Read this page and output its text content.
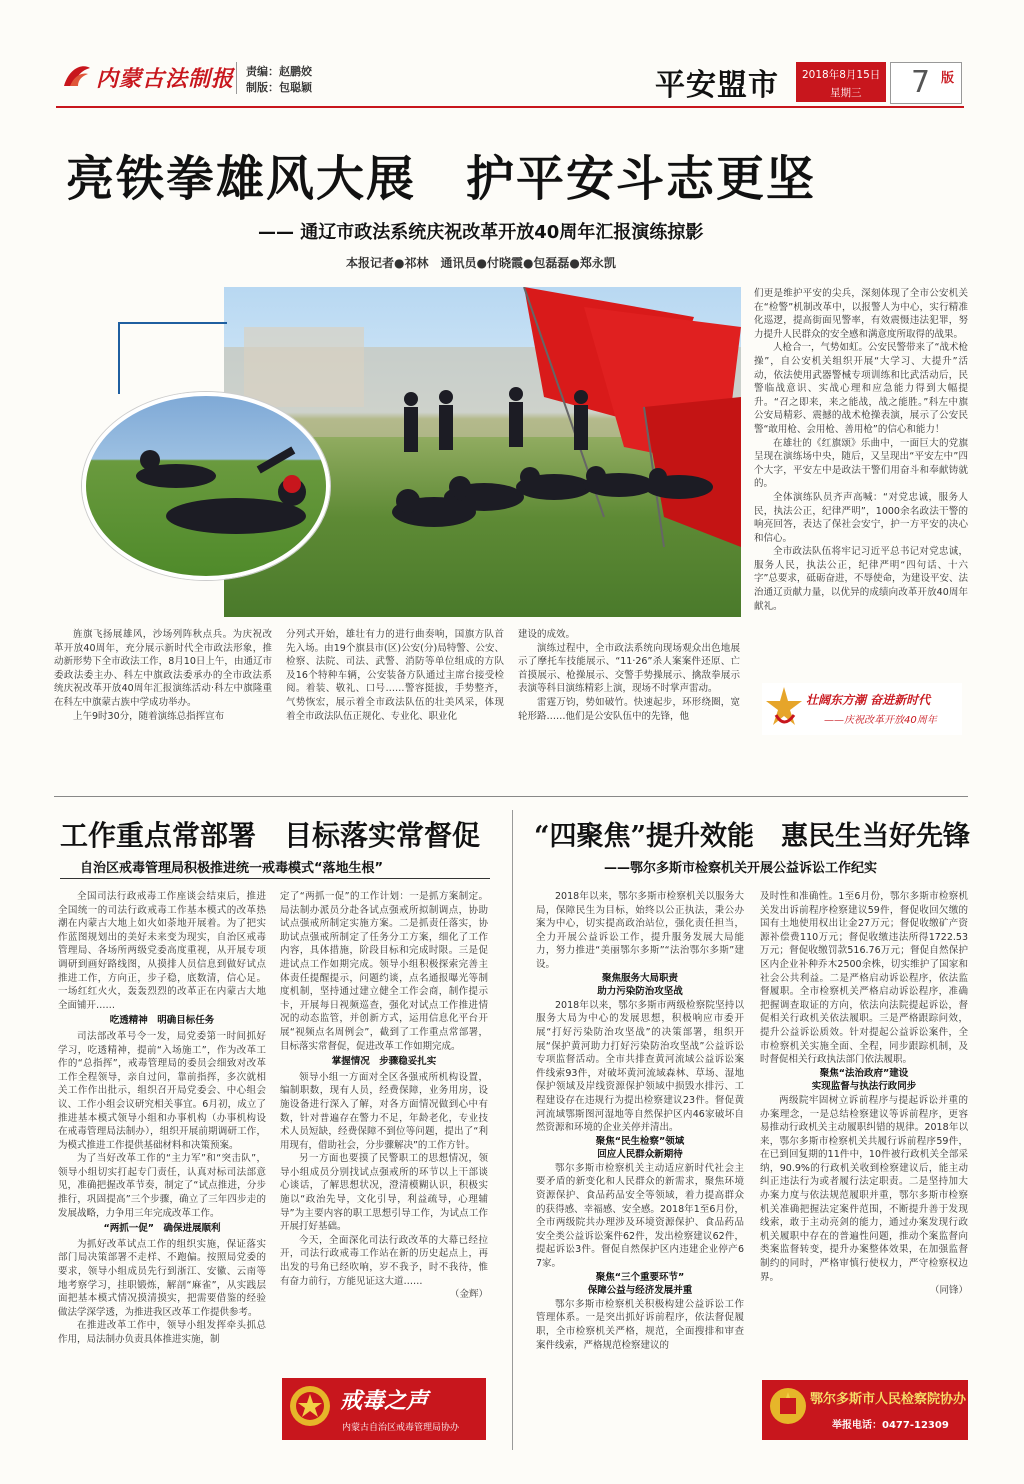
内蒙古法制报 责编：赵鹏姣
制版：包聪颖	平安盟市 2018年8月15日
星期三 7 版
亮铁拳雄风大展　护平安斗志更坚
—— 通辽市政法系统庆祝改革开放40周年汇报演练掠影
本报记者●祁林　通讯员●付晓霞●包磊磊●郑永凯

旌旗飞扬展雄风，沙场列阵秋点兵。为庆祝改革开放40周年，充分展示新时代全市政法形象，推动新形势下全市政法工作，8月10日上午，由通辽市委政法委主办、科左中旗政法委承办的全市政法系统庆祝改革开放40周年汇报演练活动·科左中旗隆重在科左中旗蒙古族中学成功举办。

上午9时30分，随着演练总指挥宣布

分列式开始，雄壮有力的进行曲奏响，国旗方队首先入场。由19个旗县市(区)公安(分)局特警、公安、检察、法院、司法、武警、消防等单位组成的方队及16个特种车辆，公安装备方队通过主席台接受检阅。着装、敬礼、口号……警容挺拔，手势整齐，气势恢宏，展示着全市政法队伍的壮美风采，体现着全市政法队伍正规化、专业化、职业化

建设的成效。

演练过程中，全市政法系统向现场观众出色地展示了摩托车技能展示、“11·26”杀人案案件还原、亡首摸展示、枪操展示、交警手势操展示、擒敌拳展示表演等科目演练精彩上演，现场不时掌声雷动。

雷霆万钧，势如破竹。快速起步，环形绕圈，宽轮形路……他们是公安队伍中的先锋，他

们更是维护平安的尖兵，深刻体现了全市公安机关在“检警”机制改革中，以报警人为中心，实行精准化巡逻，提高街面见警率，有效震慑违法犯罪，努力提升人民群众的安全感和满意度所取得的战果。

人枪合一，气势如虹。公安民警带来了“战术枪操”，自公安机关组织开展“大学习、大提升”活动，依法使用武器警械专项训练和比武活动后，民警临战意识、实战心理和应急能力得到大幅提升。“召之即来，来之能战，战之能胜。”科左中旗公安局精彩、震撼的战术枪操表演，展示了公安民警“敢用枪、会用枪、善用枪”的信心和能力！

在雄壮的《红旗颂》乐曲中，一面巨大的党旗呈现在演练场中央，随后，又呈现出“平安左中”四个大字，平安左中是政法干警们用奋斗和奉献铸就的。

全体演练队员齐声高喊：“对党忠诚，服务人民，执法公正，纪律严明”，1000余名政法干警的响亮回答，表达了保社会安宁，护一方平安的决心和信心。

全市政法队伍将牢记习近平总书记对党忠诚，服务人民，执法公正，纪律严明“四句话、十六字”总要求，砥砺奋进，不辱使命，为建设平安、法治通辽贡献力量，以优异的成绩向改革开放40周年献礼。

壮阔东方潮 奋进新时代
——庆祝改革开放40周年
工作重点常部署　目标落实常督促
自治区戒毒管理局积极推进统一戒毒模式“落地生根”

全国司法行政戒毒工作座谈会结束后，推进全国统一的司法行政戒毒工作基本模式的改革热潮在内蒙古大地上如火如荼地开展着。为了把实作蓝图规划出的美好未来变为现实，自治区戒毒管理局、各场所两级党委高度重视，从开展专项调研到画好路线图，从摸排人员信息到做好试点推进工作，方向正，步子稳，底数清，信心足。一场红红火火，轰轰烈烈的改革正在内蒙古大地全面铺开……

吃透精神　明确目标任务

司法部改革号令一发，局党委第一时间抓好学习，吃透精神，提前“入场施工”，作为改革工作的“总指挥”，戒毒管理局的委员会细致对改革工作全程领导，亲自过问，靠前指挥，多次就相关工作作出批示，组织召开局党委会、中心组会议、工作小组会议研究相关事宜。6月初，成立了推进基本模式领导小组和办事机构（办事机构设在戒毒管理局法制办），组织开展前期调研工作，为模式推进工作提供基础材料和决策预案。

为了当好改革工作的“主力军”和“突击队”，领导小组切实打起专门责任，认真对标司法部意见，准确把握改革节奏，制定了“试点推进，分步推行，巩固提高”三个步骤，确立了三年四步走的发展战略，力争用三年完成改革工作。

“两抓一促”　确保进展顺利

为抓好改革试点工作的组织实施，保证落实部门局决策部署不走样、不跑偏。按照局党委的要求，领导小组成员先行到浙江、安徽、云南等地考察学习，挂职锻炼，解剖“麻雀”，从实践层面把基本模式情况摸清摸实，把需要借鉴的经验做法学深学透，为推进我区改革工作提供参考。

在推进改革工作中，领导小组发挥牵头抓总作用，局法制办负责具体推进实施，制

定了“两抓一促”的工作计划：一是抓方案制定。局法制办派员分赴各试点强戒所拟制调点，协助试点强戒所制定实施方案。二是抓责任落实，协助试点强戒所制定了任务分工方案，细化了工作内容，具体措施，阶段目标和完成时限。三是促进试点工作如期完成。领导小组积极探索完善主体责任提醒提示，问题约谈，点名通报曝光等制度机制，坚持通过建立健全工作会商，制作提示卡，开展每日视频巡查，强化对试点工作推进情况的动态监管，并创新方式，运用信息化平台开展“视频点名周例会”，截到了工作重点常部署，目标落实常督促，促进改革工作如期完成。

掌握情况　步骤稳妥扎实

领导小组一方面对全区各强戒所机构设置，编制职数，现有人员，经费保障，业务用房，设施设备进行深入了解，对各方面情况做到心中有数，针对普遍存在警力不足，年龄老化，专业技术人员短缺，经费保障不到位等问题，提出了“利用现有，借助社会，分步骤解决”的工作方针。

另一方面也要摸了民警职工的思想情况，领导小组成员分别找试点强戒所的环节以上干部谈心谈话，了解思想状况，澄清模糊认识，积极实施以“政治先导，文化引导，利益疏导，心理辅导”为主要内容的职工思想引导工作，为试点工作开展打好基础。

今天，全面深化司法行政改革的大幕已经拉开，司法行政戒毒工作站在新的历史起点上，再出发的号角已经吹响，岁不我予，时不我待，惟有奋力前行，方能见证这大道……

（金辉）

戒毒之声
内蒙古自治区戒毒管理局协办
“四聚焦”提升效能　惠民生当好先锋
——鄂尔多斯市检察机关开展公益诉讼工作纪实

2018年以来，鄂尔多斯市检察机关以服务大局，保障民生为目标，始终以公正执法，秉公办案为中心，切实提高政治站位，强化责任担当，全力开展公益诉讼工作，提升服务发展大局能力，努力推进“美丽鄂尔多斯”“法治鄂尔多斯”建设。

聚焦服务大局职责

助力污染防治攻坚战

2018年以来，鄂尔多斯市两级检察院坚持以服务大局为中心的发展思想，积极响应市委开展“打好污染防治攻坚战”的决策部署，组织开展“保护黄河助力打好污染防治攻坚战”公益诉讼专项监督活动。全市共排查黄河流域公益诉讼案件线索93件，对破坏黄河流域森林、草场、湿地保护领域及岸线资源保护领域中损毁水排污、工程建设存在违规行为提出检察建议23件。督促黄河流域鄂斯图河湿地等自然保护区内46家破坏自然资源和环境的企业关停并清出。

聚焦“民生检察”领域

回应人民群众新期待

鄂尔多斯市检察机关主动适应新时代社会主要矛盾的新变化和人民群众的新需求，聚焦环境资源保护、食品药品安全等领域，着力提高群众的获得感、幸福感、安全感。2018年1至6月份，全市两级院共办理涉及环境资源保护、食品药品安全类公益诉讼案件62件，发出检察建议62件，提起诉讼3件。督促自然保护区内违建企业停产67家。

聚焦“三个重要环节”

保障公益与经济发展并重

鄂尔多斯市检察机关积极构建公益诉讼工作管理体系。一是突出抓好诉前程序，依法督促履职，全市检察机关严格，规范，全面搜排和审查案件线索，严格规范检察建议的

及时性和准确性。1至6月份，鄂尔多斯市检察机关发出诉前程序检察建议59件，督促收回欠缴的国有土地使用权出让金27万元；督促收缴矿产资源补偿费110万元；督促收缴违法所得1722.53万元；督促收缴罚款516.76万元；督促自然保护区内企业补种乔木2500余株，切实维护了国家和社会公共利益。二是严格启动诉讼程序，依法监督履职。全市检察机关严格启动诉讼程序，准确把握调查取证的方向，依法向法院提起诉讼，督促相关行政机关依法履职。三是严格跟踪问效，提升公益诉讼质效。针对提起公益诉讼案件，全市检察机关实施全面、全程，同步跟踪机制，及时督促相关行政执法部门依法履职。

聚焦“法治政府”建设

实现监督与执法行政同步

两级院牢固树立诉前程序与提起诉讼并重的办案理念，一是总结检察建议等诉前程序，更容易推动行政机关主动履职纠错的规律。2018年以来，鄂尔多斯市检察机关共履行诉前程序59件，在已到回复期的11件中，10件被行政机关全部采纳，90.9%的行政机关收到检察建议后，能主动纠正违法行为或者履行法定职责。二是坚持加大办案力度与依法规范履职并重，鄂尔多斯市检察机关准确把握法定案件范围，不断提升善于发现线索，敢于主动亮剑的能力，通过办案发现行政机关履职中存在的普遍性问题，推动个案监督向类案监督转变，提升办案整体效果，在加强监督制约的同时，严格审慎行使权力，严守检察权边界。

（同锋）

鄂尔多斯市人民检察院协办
举报电话：0477-12309
